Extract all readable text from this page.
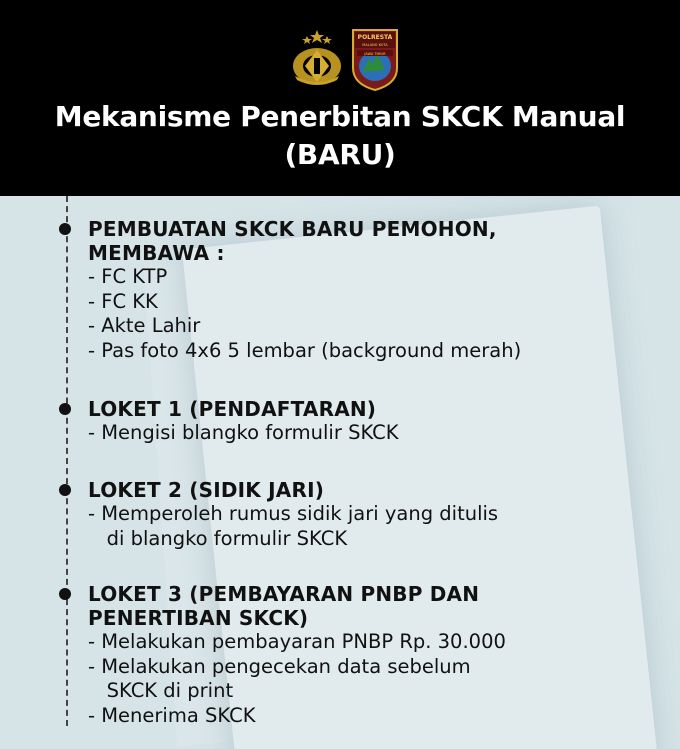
POLRESTA
MALANG KOTA
JAWA TIMUR
Mekanisme Penerbitan SKCK Manual
(BARU)
PEMBUATAN SKCK BARU PEMOHON,
MEMBAWA :
- FC KTP
- FC KK
- Akte Lahir
- Pas foto 4x6 5 lembar (background merah)
LOKET 1 (PENDAFTARAN)
- Mengisi blangko formulir SKCK
LOKET 2 (SIDIK JARI)
- Memperoleh rumus sidik jari yang ditulis
di blangko formulir SKCK
LOKET 3 (PEMBAYARAN PNBP DAN
PENERTIBAN SKCK)
- Melakukan pembayaran PNBP Rp. 30.000
- Melakukan pengecekan data sebelum
SKCK di print
- Menerima SKCK
